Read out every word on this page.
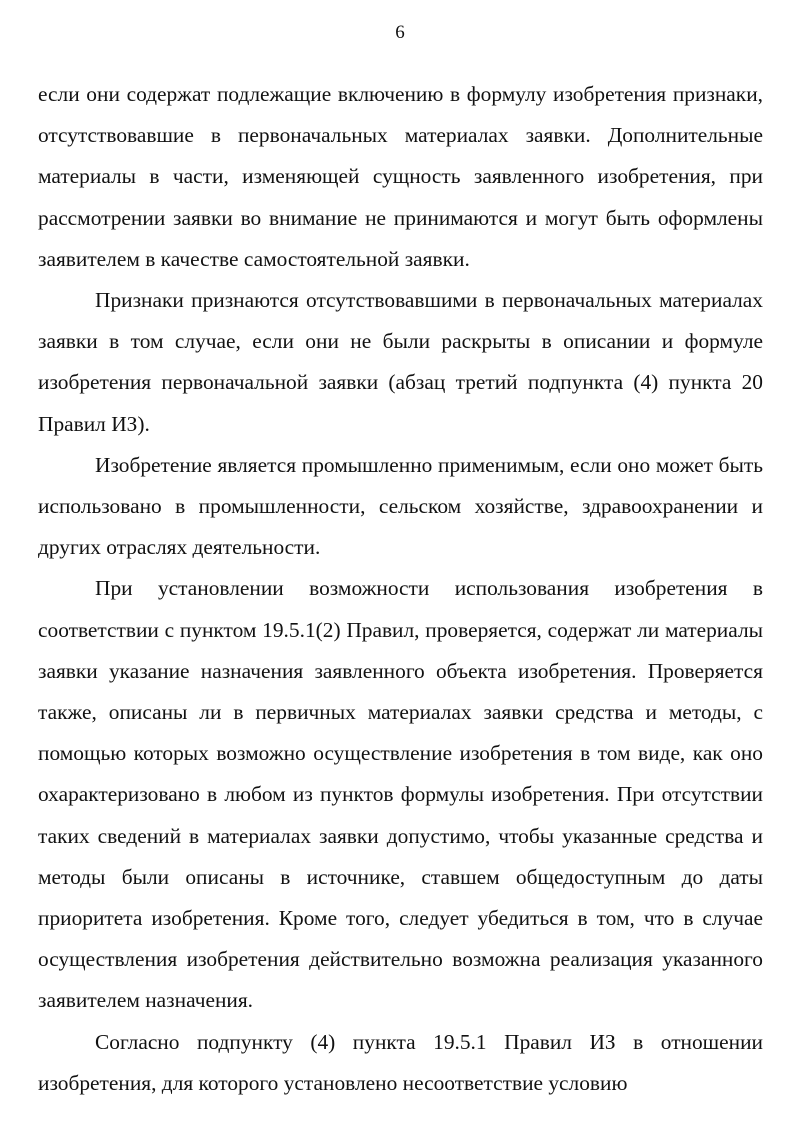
6

если они содержат подлежащие включению в формулу изобретения признаки, отсутствовавшие в первоначальных материалах заявки. Дополнительные материалы в части, изменяющей сущность заявленного изобретения, при рассмотрении заявки во внимание не принимаются и могут быть оформлены заявителем в качестве самостоятельной заявки.

Признаки признаются отсутствовавшими в первоначальных материалах заявки в том случае, если они не были раскрыты в описании и формуле изобретения первоначальной заявки (абзац третий подпункта (4) пункта 20 Правил ИЗ).

Изобретение является промышленно применимым, если оно может быть использовано в промышленности, сельском хозяйстве, здравоохранении и других отраслях деятельности.

При установлении возможности использования изобретения в соответствии с пунктом 19.5.1(2) Правил, проверяется, содержат ли материалы заявки указание назначения заявленного объекта изобретения. Проверяется также, описаны ли в первичных материалах заявки средства и методы, с помощью которых возможно осуществление изобретения в том виде, как оно охарактеризовано в любом из пунктов формулы изобретения. При отсутствии таких сведений в материалах заявки допустимо, чтобы указанные средства и методы были описаны в источнике, ставшем общедоступным до даты приоритета изобретения. Кроме того, следует убедиться в том, что в случае осуществления изобретения действительно возможна реализация указанного заявителем назначения.

Согласно подпункту (4) пункта 19.5.1 Правил ИЗ в отношении изобретения, для которого установлено несоответствие условию
